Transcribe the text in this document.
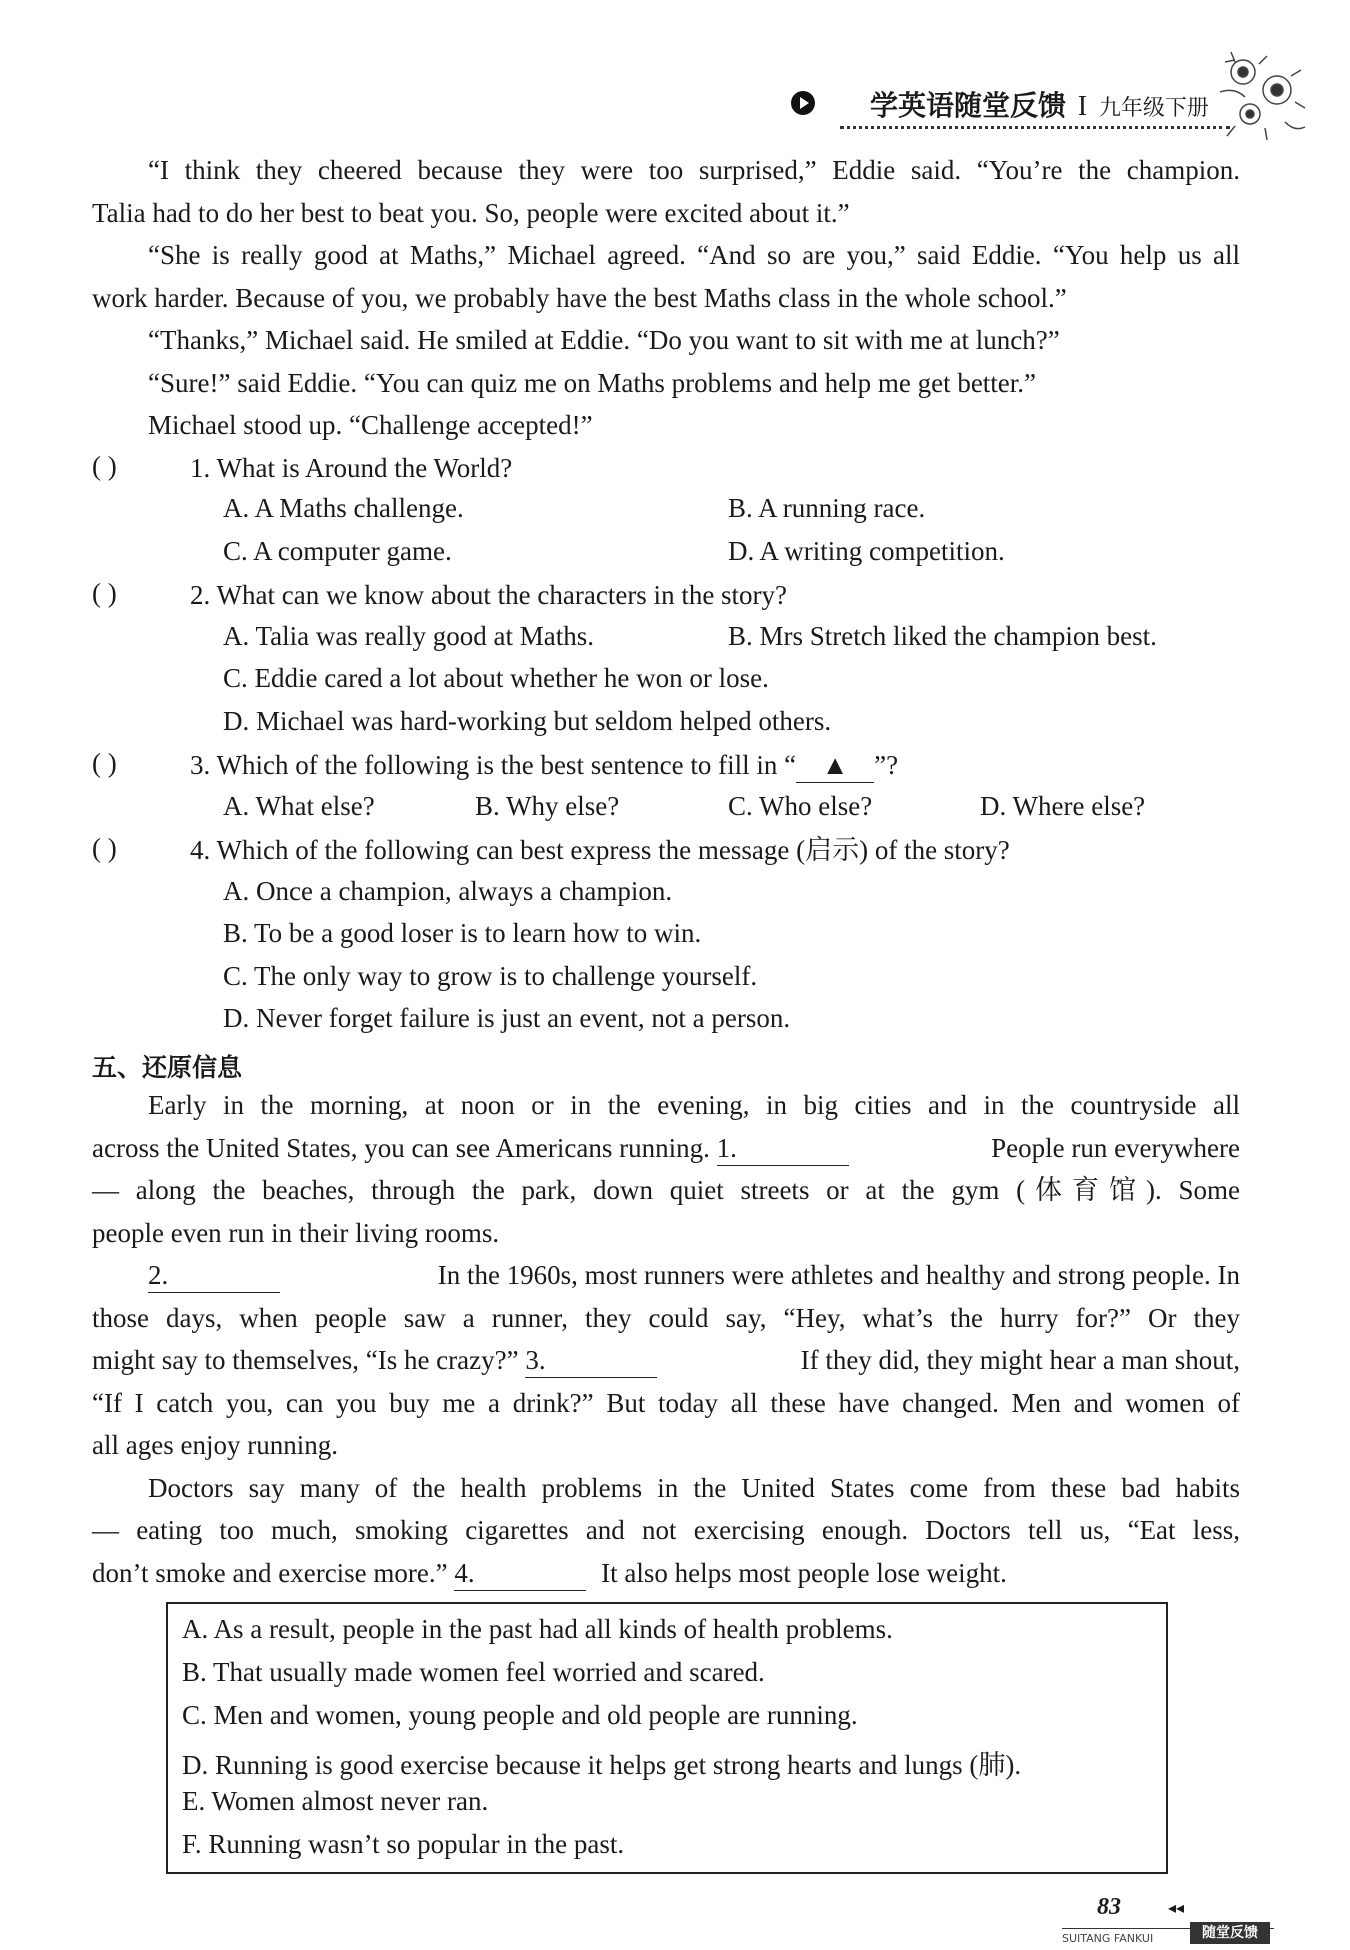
学英语随堂反馈 I 九年级下册
“I think they cheered because they were too surprised,” Eddie said. “You’re the champion.
Talia had to do her best to beat you. So, people were excited about it.”
“She is really good at Maths,” Michael agreed. “And so are you,” said Eddie. “You help us all
work harder. Because of you, we probably have the best Maths class in the whole school.”
“Thanks,” Michael said. He smiled at Eddie. “Do you want to sit with me at lunch?”
“Sure!” said Eddie. “You can quiz me on Maths problems and help me get better.”
Michael stood up. “Challenge accepted!”
( )	1. What is Around the World?
A. A Maths challenge.	B. A running race.
C. A computer game.	D. A writing competition.
( )	2. What can we know about the characters in the story?
A. Talia was really good at Maths.	B. Mrs Stretch liked the champion best.
C. Eddie cared a lot about whether he won or lose.
D. Michael was hard-working but seldom helped others.
( )	3. Which of the following is the best sentence to fill in “ ▲ ”?
A. What else?	B. Why else?	C. Who else?	D. Where else?
( )	4. Which of the following can best express the message (启示) of the story?
A. Once a champion, always a champion.
B. To be a good loser is to learn how to win.
C. The only way to grow is to challenge yourself.
D. Never forget failure is just an event, not a person.
五、还原信息
Early in the morning, at noon or in the evening, in big cities and in the countryside all
across the United States, you can see Americans running. 1.	People run everywhere
— along the beaches, through the park, down quiet streets or at the gym (体育馆). Some
people even run in their living rooms.
2.	In the 1960s, most runners were athletes and healthy and strong people. In
those days, when people saw a runner, they could say, “Hey, what’s the hurry for?” Or they
might say to themselves, “Is he crazy?” 3.	If they did, they might hear a man shout,
“If I catch you, can you buy me a drink?” But today all these have changed. Men and women of
all ages enjoy running.
Doctors say many of the health problems in the United States come from these bad habits
— eating too much, smoking cigarettes and not exercising enough. Doctors tell us, “Eat less,
don’t smoke and exercise more.” 4.	It also helps most people lose weight.
A. As a result, people in the past had all kinds of health problems.
B. That usually made women feel worried and scared.
C. Men and women, young people and old people are running.
D. Running is good exercise because it helps get strong hearts and lungs (肺).
E. Women almost never ran.
F. Running wasn’t so popular in the past.
83	◂◂
SUITANG FANKUI	随堂反馈
